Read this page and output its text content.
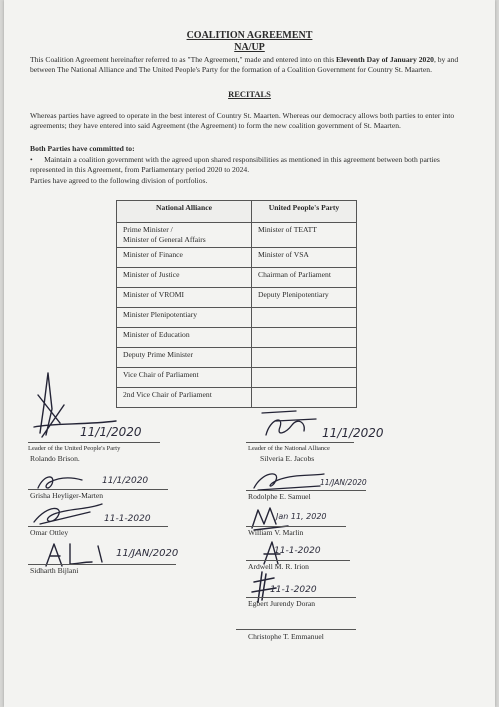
COALITION AGREEMENT
NA/UP
This Coalition Agreement hereinafter referred to as "The Agreement," made and entered into on this Eleventh Day of January 2020, by and between The National Alliance and The United People's Party for the formation of a Coalition Government for Country St. Maarten.
RECITALS
Whereas parties have agreed to operate in the best interest of Country St. Maarten. Whereas our democracy allows both parties to enter into agreements; they have entered into said Agreement (the Agreement) to form the new coalition government of St. Maarten.
Both Parties have committed to:
•      Maintain a coalition government with the agreed upon shared responsibilities as mentioned in this agreement between both parties represented in this Agreement, from Parliamentary period 2020 to 2024.
Parties have agreed to the following division of portfolios.
National Alliance	United People's Party
Prime Minister /
Minister of General Affairs	Minister of TEATT
Minister of Finance	Minister of VSA
Minister of Justice	Chairman of Parliament
Minister of VROMI	Deputy Plenipotentiary
Minister Plenipotentiary	
Minister of Education	
Deputy Prime Minister	
Vice Chair of Parliament	
2nd Vice Chair of Parliament	
11/1/2020
Leader of the United People's Party
Rolando Brison.
11/1/2020
Grisha Heyliger-Marten
11-1-2020
Omar Ottley
11/JAN/2020
Sidharth Bijlani
11/1/2020
Leader of the National Alliance
Silveria E. Jacobs
11/JAN/2020
Rodolphe E. Samuel
Jan 11, 2020
William V. Marlin
11-1-2020
Ardwell M. R. Irion
11-1-2020
Egbert Jurendy Doran
Christophe T. Emmanuel
